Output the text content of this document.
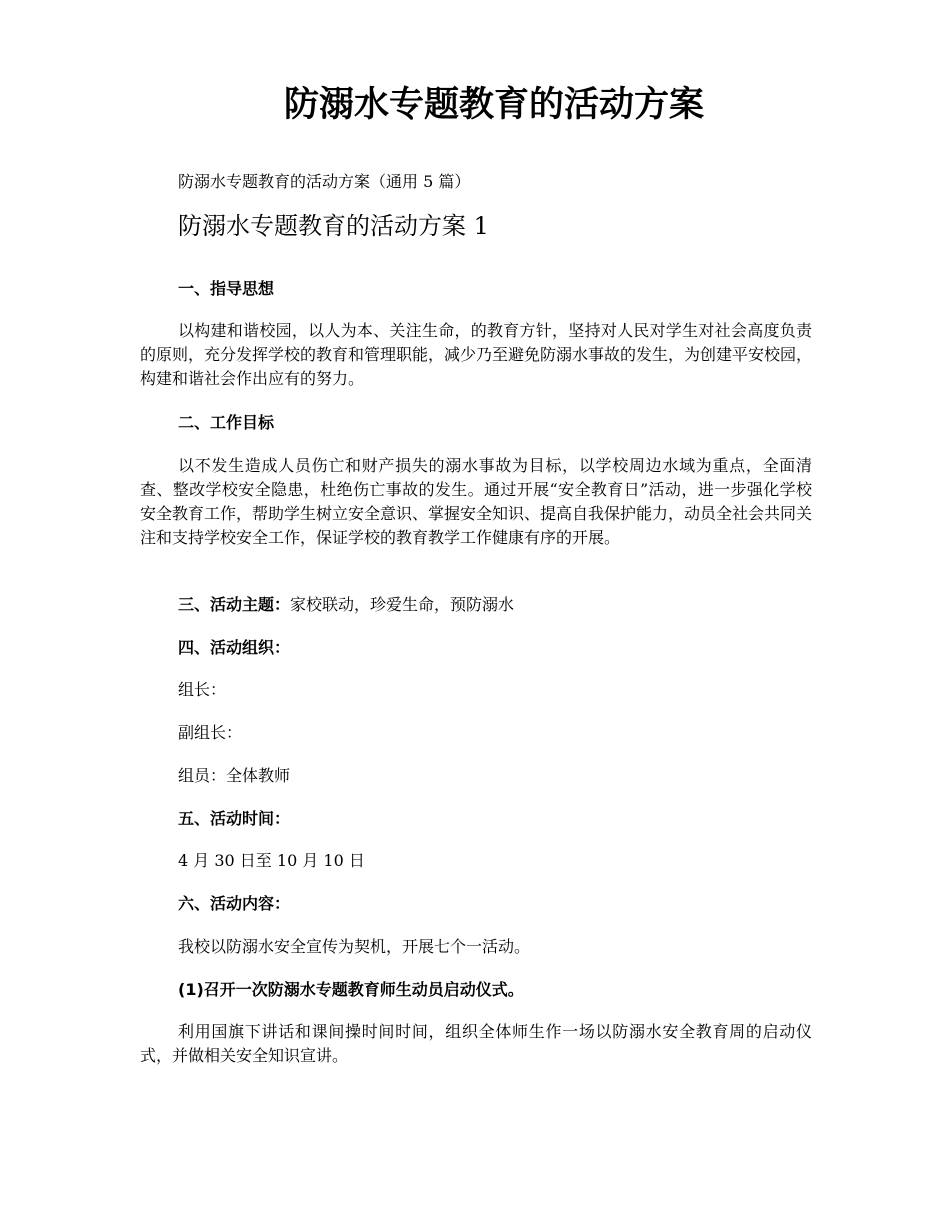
防溺水专题教育的活动方案

防溺水专题教育的活动方案（通用 5 篇）

防溺水专题教育的活动方案 1

一、指导思想

以构建和谐校园，以人为本、关注生命，的教育方针，坚持对人民对学生对社会高度负责的原则，充分发挥学校的教育和管理职能，减少乃至避免防溺水事故的发生，为创建平安校园，构建和谐社会作出应有的努力。

二、工作目标

以不发生造成人员伤亡和财产损失的溺水事故为目标，以学校周边水域为重点，全面清查、整改学校安全隐患，杜绝伤亡事故的发生。通过开展“安全教育日”活动，进一步强化学校安全教育工作，帮助学生树立安全意识、掌握安全知识、提高自我保护能力，动员全社会共同关注和支持学校安全工作，保证学校的教育教学工作健康有序的开展。

三、活动主题：家校联动，珍爱生命，预防溺水

四、活动组织：

组长：

副组长：

组员：全体教师

五、活动时间：

4 月 30 日至 10 月 10 日

六、活动内容：

我校以防溺水安全宣传为契机，开展七个一活动。

(1)召开一次防溺水专题教育师生动员启动仪式。

利用国旗下讲话和课间操时间时间，组织全体师生作一场以防溺水安全教育周的启动仪式，并做相关安全知识宣讲。
